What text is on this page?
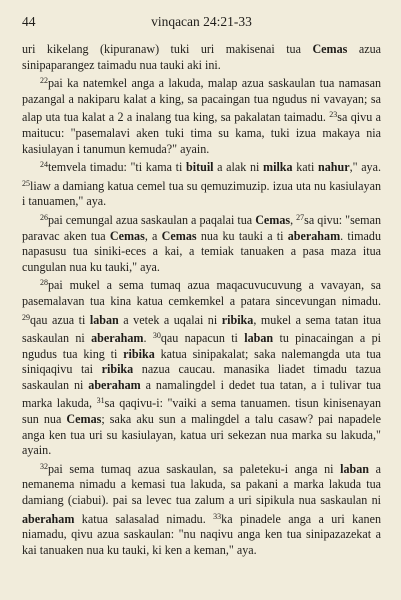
44	vinqacan 24:21-33

uri kikelang (kipuranaw) tuki uri makisenai tua Cemas azua sinipaparangez taimadu nua tauki aki ini.

$^{22}$pai ka natemkel anga a lakuda, malap azua saskaulan tua namasan pazangal a nakiparu kalat a king, sa pacaingan tua ngudus ni vavayan; sa alap uta tua kalat a 2 a inalang tua king, sa pakalatan taimadu. $^{23}$sa qivu a maitucu: "pasemalavi aken tuki tima su kama, tuki izua makaya nia kasiulayan i tanumun kemuda?" ayain.

$^{24}$temvela timadu: "ti kama ti bituil a alak ni milka kati nahur," aya. $^{25}$liaw a damiang katua cemel tua su qemuzimuzip. izua uta nu kasiulayan i tanuamen," aya.

$^{26}$pai cemungal azua saskaulan a paqalai tua Cemas, $^{27}$sa qivu: "seman paravac aken tua Cemas, a Cemas nua ku tauki a ti aberaham. timadu napasusu tua siniki-eces a kai, a temiak tanuaken a pasa maza itua cungulan nua ku tauki," aya.

$^{28}$pai mukel a sema tumaq azua maqacuvucuvung a vavayan, sa pasemalavan tua kina katua cemkemkel a patara sincevungan nimadu. $^{29}$qau azua ti laban a vetek a uqalai ni ribika, mukel a sema tatan itua saskaulan ni aberaham. $^{30}$qau napacun ti laban tu pinacaingan a pi ngudus tua king ti ribika katua sinipakalat; saka nalemangda uta tua siniqaqivu tai ribika nazua caucau. manasika liadet timadu tazua saskaulan ni aberaham a namalingdel i dedet tua tatan, a i tulivar tua marka lakuda, $^{31}$sa qaqivu-i: "vaiki a sema tanuamen. tisun kinisenayan sun nua Cemas; saka aku sun a malingdel a talu casaw? pai napadele anga ken tua uri su kasiulayan, katua uri sekezan nua marka su lakuda," ayain.

$^{32}$pai sema tumaq azua saskaulan, sa paleteku-i anga ni laban a nemanema nimadu a kemasi tua lakuda, sa pakani a marka lakuda tua damiang (ciabui). pai sa levec tua zalum a uri sipikula nua saskaulan ni aberaham katua salasalad nimadu. $^{33}$ka pinadele anga a uri kanen niamadu, qivu azua saskaulan: "nu naqivu anga ken tua sinipazazekat a kai tanuaken nua ku tauki, ki ken a keman," aya.
